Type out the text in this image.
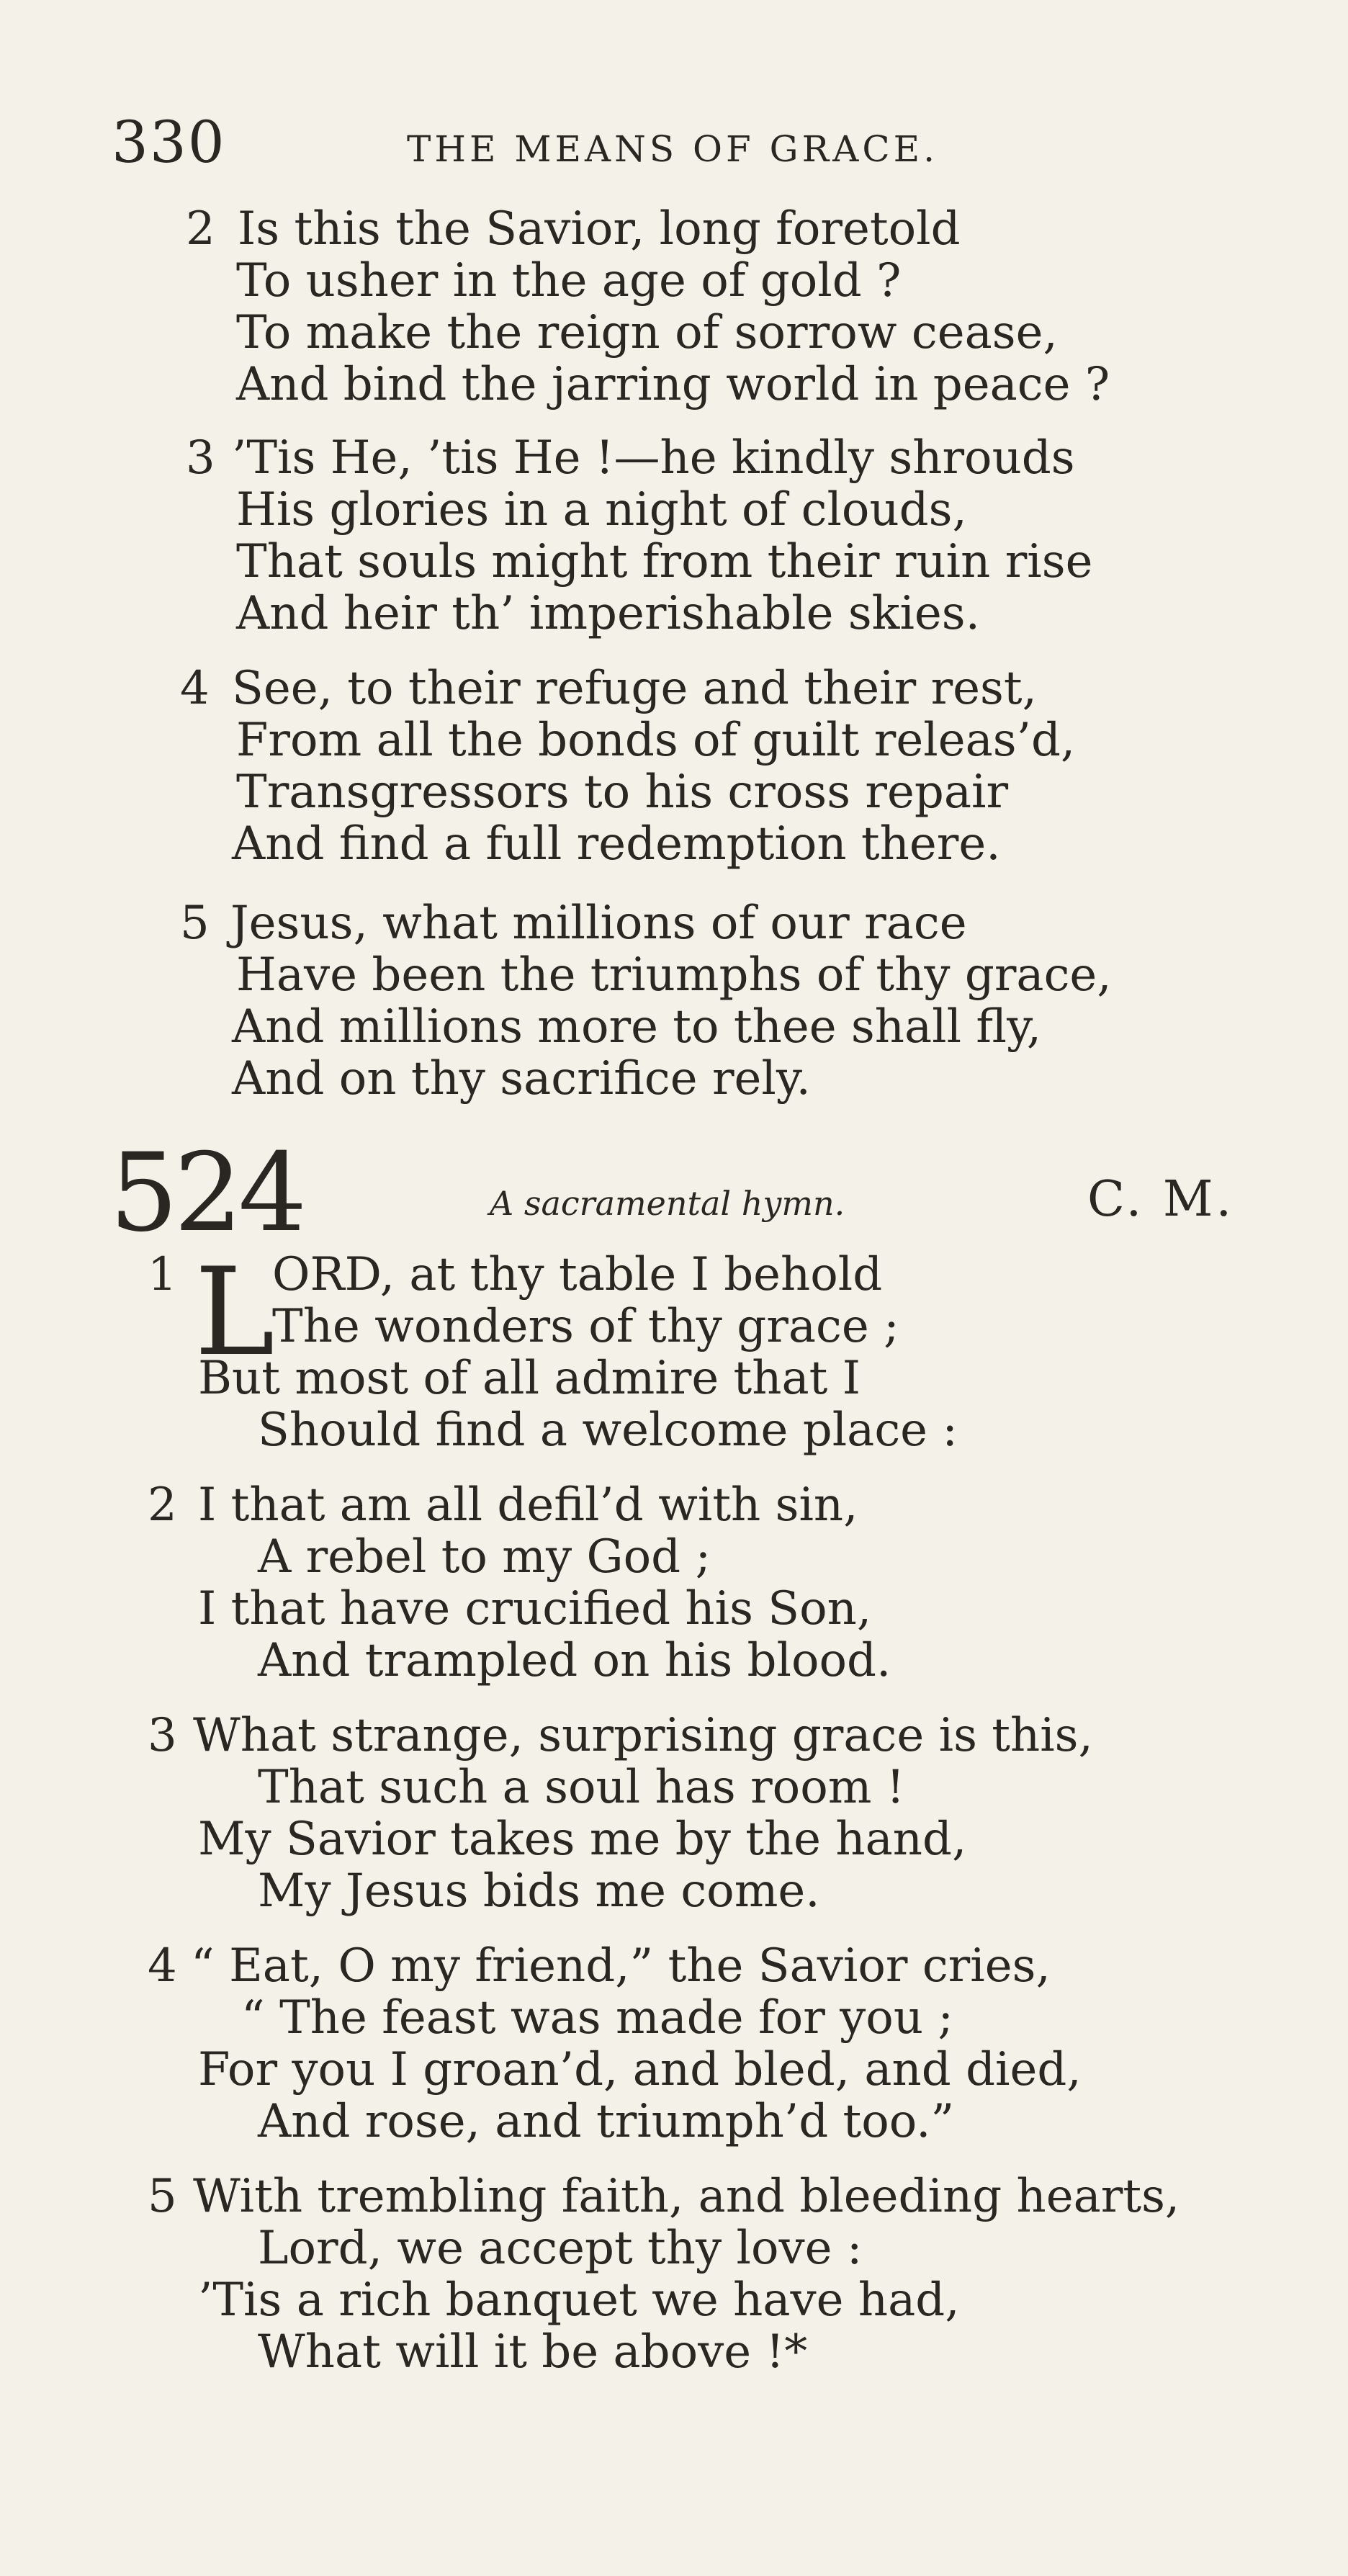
330	THE MEANS OF GRACE.
2 Is this the Savior, long foretold
To usher in the age of gold ?
To make the reign of sorrow cease,
And bind the jarring world in peace ?
3 ’Tis He, ’tis He !—he kindly shrouds
His glories in a night of clouds,
That souls might from their ruin rise
And heir th’ imperishable skies.
4 See, to their refuge and their rest,
From all the bonds of guilt releas’d,
Transgressors to his cross repair
And find a full redemption there.
5 Jesus, what millions of our race
Have been the triumphs of thy grace,
And millions more to thee shall fly,
And on thy sacrifice rely.
524	A sacramental hymn.	C. M.
1 L
ORD, at thy table I behold
The wonders of thy grace ;
But most of all admire that I
Should find a welcome place :
2 I that am all defil’d with sin,
A rebel to my God ;
I that have crucified his Son,
And trampled on his blood.
3 What strange, surprising grace is this,
That such a soul has room !
My Savior takes me by the hand,
My Jesus bids me come.
4 “ Eat, O my friend,” the Savior cries,
“ The feast was made for you ;
For you I groan’d, and bled, and died,
And rose, and triumph’d too.”
5 With trembling faith, and bleeding hearts,
Lord, we accept thy love :
’Tis a rich banquet we have had,
What will it be above !*
